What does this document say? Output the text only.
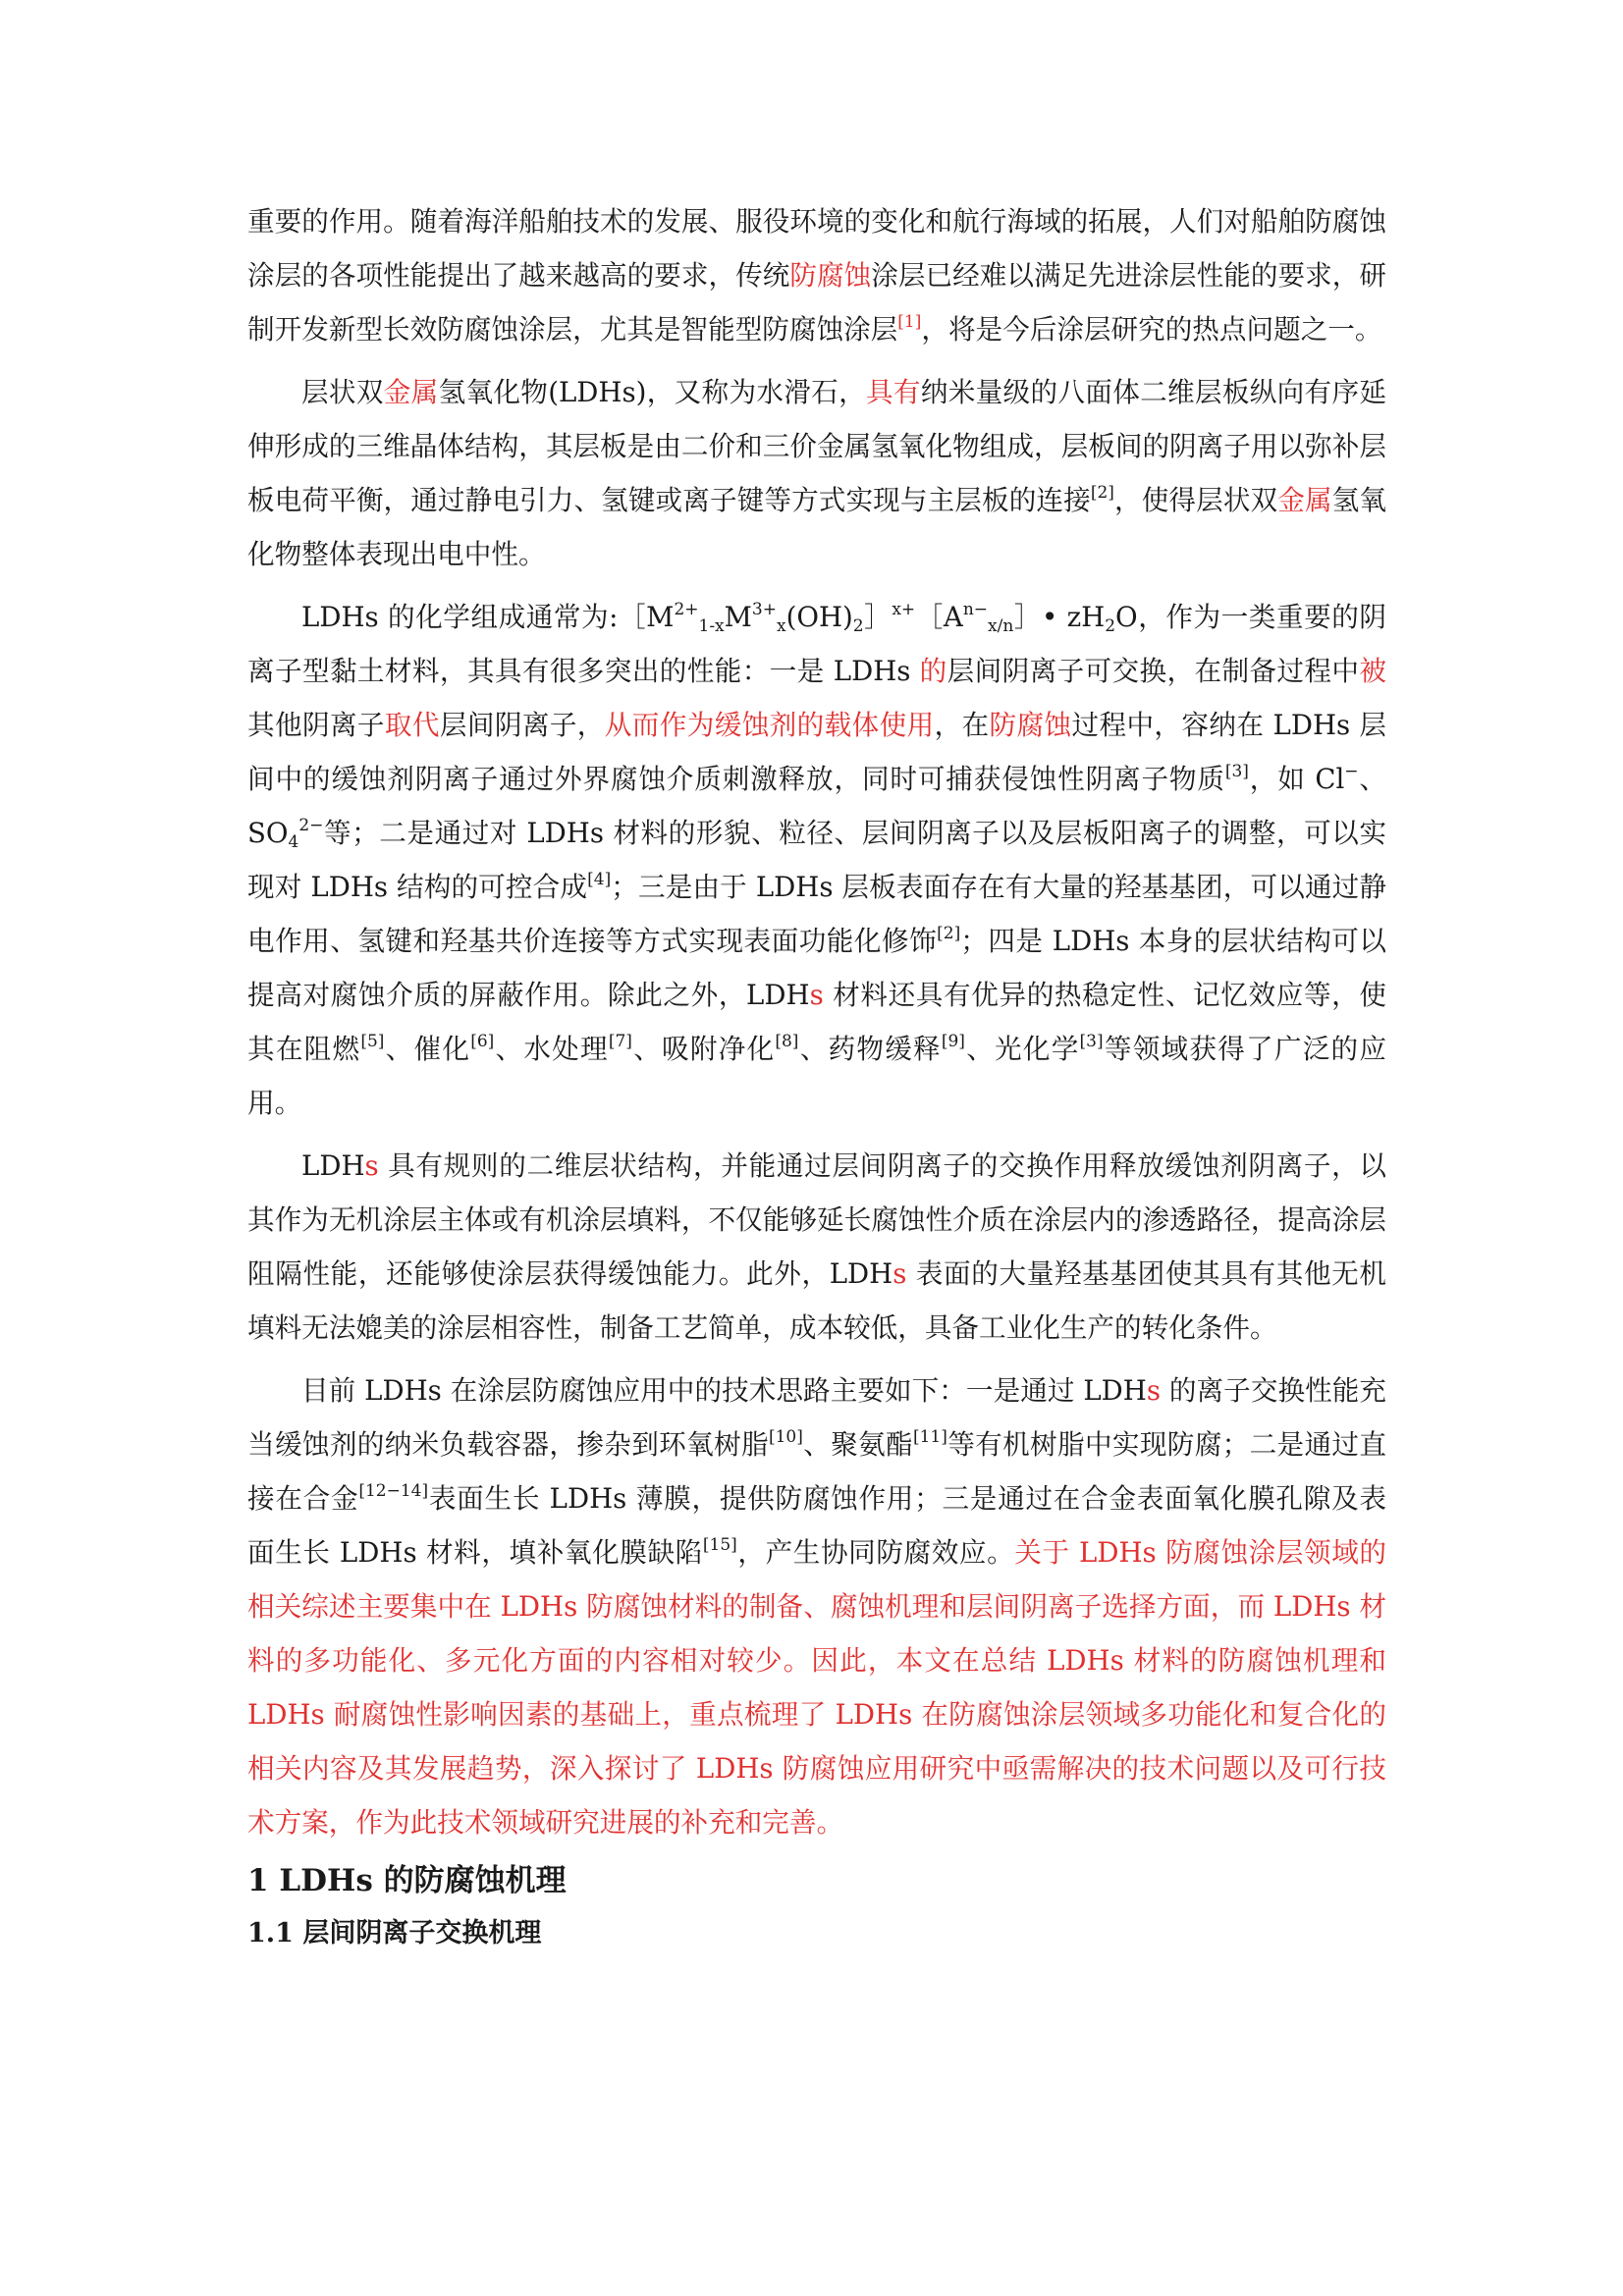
重要的作用。随着海洋船舶技术的发展、服役环境的变化和航行海域的拓展，人们对船舶防腐蚀涂层的各项性能提出了越来越高的要求，传统防腐蚀涂层已经难以满足先进涂层性能的要求，研制开发新型长效防腐蚀涂层，尤其是智能型防腐蚀涂层[1]，将是今后涂层研究的热点问题之一。

层状双金属氢氧化物(LDHs)，又称为水滑石，具有纳米量级的八面体二维层板纵向有序延伸形成的三维晶体结构，其层板是由二价和三价金属氢氧化物组成，层板间的阴离子用以弥补层板电荷平衡，通过静电引力、氢键或离子键等方式实现与主层板的连接[2]，使得层状双金属氢氧化物整体表现出电中性。

LDHs 的化学组成通常为$:[M^{2+}_{1-x}M^{3+}_x(OH)_2]^{x+}[A^{n-}_{x/n}]•$ $zH_2O$，作为一类重要的阴离子型黏土材料，其具有很多突出的性能：一是 LDHs 的层间阴离子可交换，在制备过程中被其他阴离子取代层间阴离子，从而作为缓蚀剂的载体使用，在防腐蚀过程中，容纳在 LDHs 层间中的缓蚀剂阴离子通过外界腐蚀介质刺激释放，同时可捕获侵蚀性阴离子物质[3]，如 Cl−、$SO_4^{2-}$等；二是通过对 LDHs 材料的形貌、粒径、层间阴离子以及层板阳离子的调整，可以实现对 LDHs 结构的可控合成[4]；三是由于 LDHs 层板表面存在有大量的羟基基团，可以通过静电作用、氢键和羟基共价连接等方式实现表面功能化修饰[2]；四是 LDHs 本身的层状结构可以提高对腐蚀介质的屏蔽作用。除此之外，LDHs 材料还具有优异的热稳定性、记忆效应等，使其在阻燃[5]、催化[6]、水处理[7]、吸附净化[8]、药物缓释[9]、光化学[3]等领域获得了广泛的应用。

LDHs 具有规则的二维层状结构，并能通过层间阴离子的交换作用释放缓蚀剂阴离子，以其作为无机涂层主体或有机涂层填料，不仅能够延长腐蚀性介质在涂层内的渗透路径，提高涂层阻隔性能，还能够使涂层获得缓蚀能力。此外，LDHs 表面的大量羟基基团使其具有其他无机填料无法媲美的涂层相容性，制备工艺简单，成本较低，具备工业化生产的转化条件。

目前 LDHs 在涂层防腐蚀应用中的技术思路主要如下：一是通过 LDHs 的离子交换性能充当缓蚀剂的纳米负载容器，掺杂到环氧树脂[10]、聚氨酯[11]等有机树脂中实现防腐；二是通过直接在合金[12−14]表面生长 LDHs 薄膜，提供防腐蚀作用；三是通过在合金表面氧化膜孔隙及表面生长 LDHs 材料，填补氧化膜缺陷[15]，产生协同防腐效应。关于 LDHs 防腐蚀涂层领域的相关综述主要集中在 LDHs 防腐蚀材料的制备、腐蚀机理和层间阴离子选择方面，而 LDHs 材料的多功能化、多元化方面的内容相对较少。因此，本文在总结 LDHs 材料的防腐蚀机理和 LDHs 耐腐蚀性影响因素的基础上，重点梳理了 LDHs 在防腐蚀涂层领域多功能化和复合化的相关内容及其发展趋势，深入探讨了 LDHs 防腐蚀应用研究中亟需解决的技术问题以及可行技术方案，作为此技术领域研究进展的补充和完善。

1 LDHs 的防腐蚀机理
1.1 层间阴离子交换机理
